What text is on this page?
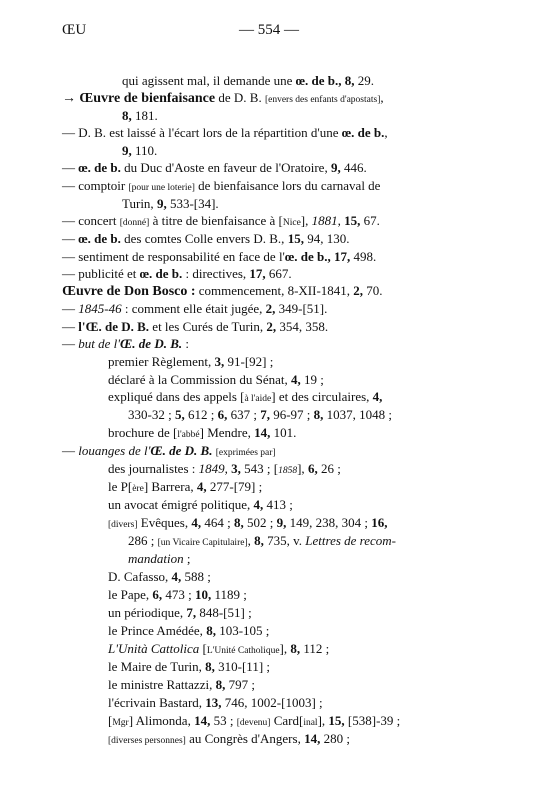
ŒU	— 554 —
qui agissent mal, il demande une œ. de b., 8, 29.
→ Œuvre de bienfaisance de D. B. [envers des enfants d'apostats],
8, 181.
— D. B. est laissé à l'écart lors de la répartition d'une œ. de b.,
9, 110.
— œ. de b. du Duc d'Aoste en faveur de l'Oratoire, 9, 446.
— comptoir [pour une loterie] de bienfaisance lors du carnaval de
Turin, 9, 533-[34].
— concert [donné] à titre de bienfaisance à [Nice], 1881, 15, 67.
— œ. de b. des comtes Colle envers D. B., 15, 94, 130.
— sentiment de responsabilité en face de l'œ. de b., 17, 498.
— publicité et œ. de b. : directives, 17, 667.
Œuvre de Don Bosco : commencement, 8-XII-1841, 2, 70.
— 1845-46 : comment elle était jugée, 2, 349-[51].
— l'Œ. de D. B. et les Curés de Turin, 2, 354, 358.
— but de l'Œ. de D. B. :
premier Règlement, 3, 91-[92] ;
déclaré à la Commission du Sénat, 4, 19 ;
expliqué dans des appels [à l'aide] et des circulaires, 4,
330-32 ; 5, 612 ; 6, 637 ; 7, 96-97 ; 8, 1037, 1048 ;
brochure de [l'abbé] Mendre, 14, 101.
— louanges de l'Œ. de D. B. [exprimées par]
des journalistes : 1849, 3, 543 ; [1858], 6, 26 ;
le P[ère] Barrera, 4, 277-[79] ;
un avocat émigré politique, 4, 413 ;
[divers] Evêques, 4, 464 ; 8, 502 ; 9, 149, 238, 304 ; 16,
286 ; [un Vicaire Capitulaire], 8, 735, v. Lettres de recom-
mandation ;
D. Cafasso, 4, 588 ;
le Pape, 6, 473 ; 10, 1189 ;
un périodique, 7, 848-[51] ;
le Prince Amédée, 8, 103-105 ;
L'Unità Cattolica [L'Unité Catholique], 8, 112 ;
le Maire de Turin, 8, 310-[11] ;
le ministre Rattazzi, 8, 797 ;
l'écrivain Bastard, 13, 746, 1002-[1003] ;
[Mgr] Alimonda, 14, 53 ; [devenu] Card[inal], 15, [538]-39 ;
[diverses personnes] au Congrès d'Angers, 14, 280 ;
